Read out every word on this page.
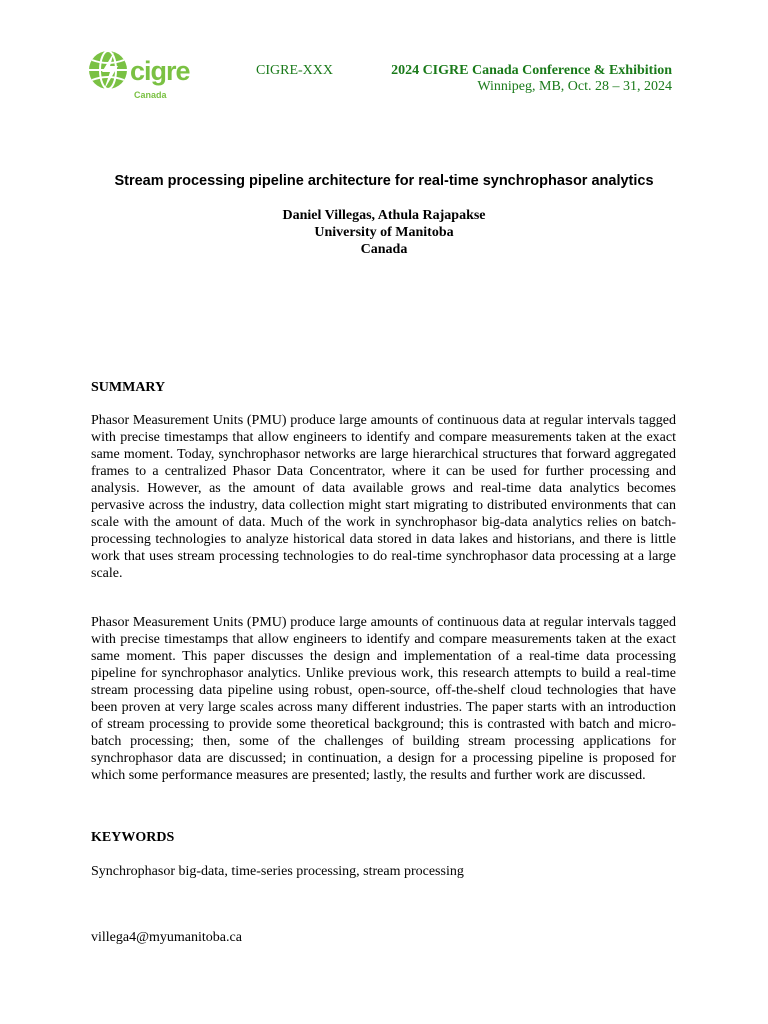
cigre
Canada
CIGRE-XXX	2024 CIGRE Canada Conference & Exhibition
Winnipeg, MB, Oct. 28 – 31, 2024
Stream processing pipeline architecture for real-time synchrophasor analytics
Daniel Villegas, Athula Rajapakse
University of Manitoba
Canada
SUMMARY

Phasor Measurement Units (PMU) produce large amounts of continuous data at regular intervals tagged with precise timestamps that allow engineers to identify and compare measurements taken at the exact same moment. Today, synchrophasor networks are large hierarchical structures that forward aggregated frames to a centralized Phasor Data Concentrator, where it can be used for further processing and analysis. However, as the amount of data available grows and real-time data analytics becomes pervasive across the industry, data collection might start migrating to distributed environments that can scale with the amount of data. Much of the work in synchrophasor big-data analytics relies on batch-processing technologies to analyze historical data stored in data lakes and historians, and there is little work that uses stream processing technologies to do real-time synchrophasor data processing at a large scale.

Phasor Measurement Units (PMU) produce large amounts of continuous data at regular intervals tagged with precise timestamps that allow engineers to identify and compare measurements taken at the exact same moment. This paper discusses the design and implementation of a real-time data processing pipeline for synchrophasor analytics. Unlike previous work, this research attempts to build a real-time stream processing data pipeline using robust, open-source, off-the-shelf cloud technologies that have been proven at very large scales across many different industries. The paper starts with an introduction of stream processing to provide some theoretical background; this is contrasted with batch and micro-batch processing; then, some of the challenges of building stream processing applications for synchrophasor data are discussed; in continuation, a design for a processing pipeline is proposed for which some performance measures are presented; lastly, the results and further work are discussed.

KEYWORDS
Synchrophasor big-data, time-series processing, stream processing
villega4@myumanitoba.ca
